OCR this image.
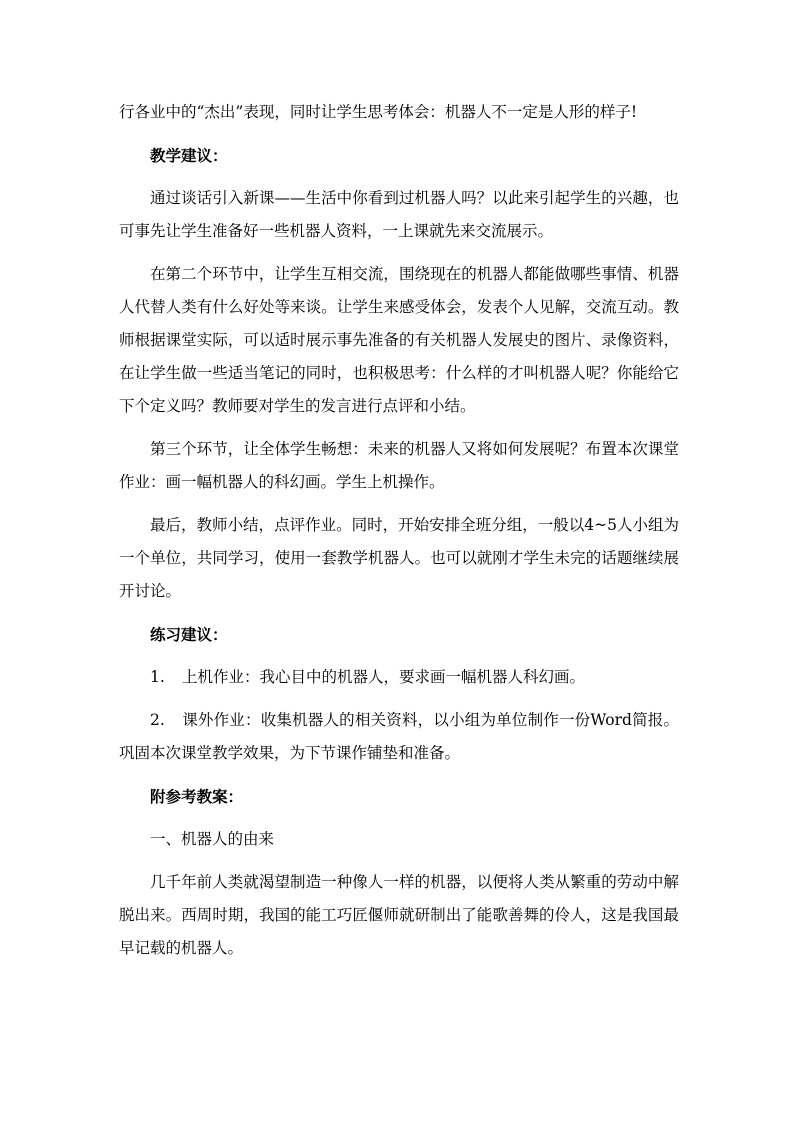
行各业中的“杰出”表现，同时让学生思考体会：机器人不一定是人形的样子!

教学建议：

通过谈话引入新课——生活中你看到过机器人吗？以此来引起学生的兴趣，也可事先让学生准备好一些机器人资料，一上课就先来交流展示。

在第二个环节中，让学生互相交流，围绕现在的机器人都能做哪些事情、机器人代替人类有什么好处等来谈。让学生来感受体会，发表个人见解，交流互动。教师根据课堂实际，可以适时展示事先准备的有关机器人发展史的图片、录像资料，在让学生做一些适当笔记的同时，也积极思考：什么样的才叫机器人呢？你能给它下个定义吗？教师要对学生的发言进行点评和小结。

第三个环节，让全体学生畅想：未来的机器人又将如何发展呢？布置本次课堂作业：画一幅机器人的科幻画。学生上机操作。

最后，教师小结，点评作业。同时，开始安排全班分组，一般以4~5人小组为一个单位，共同学习，使用一套教学机器人。也可以就刚才学生未完的话题继续展开讨论。

练习建议：

1. 上机作业：我心目中的机器人，要求画一幅机器人科幻画。

2. 课外作业：收集机器人的相关资料，以小组为单位制作一份Word简报。巩固本次课堂教学效果，为下节课作铺垫和准备。

附参考教案：

一、机器人的由来

几千年前人类就渴望制造一种像人一样的机器，以便将人类从繁重的劳动中解脱出来。西周时期，我国的能工巧匠偃师就研制出了能歌善舞的伶人，这是我国最早记载的机器人。
